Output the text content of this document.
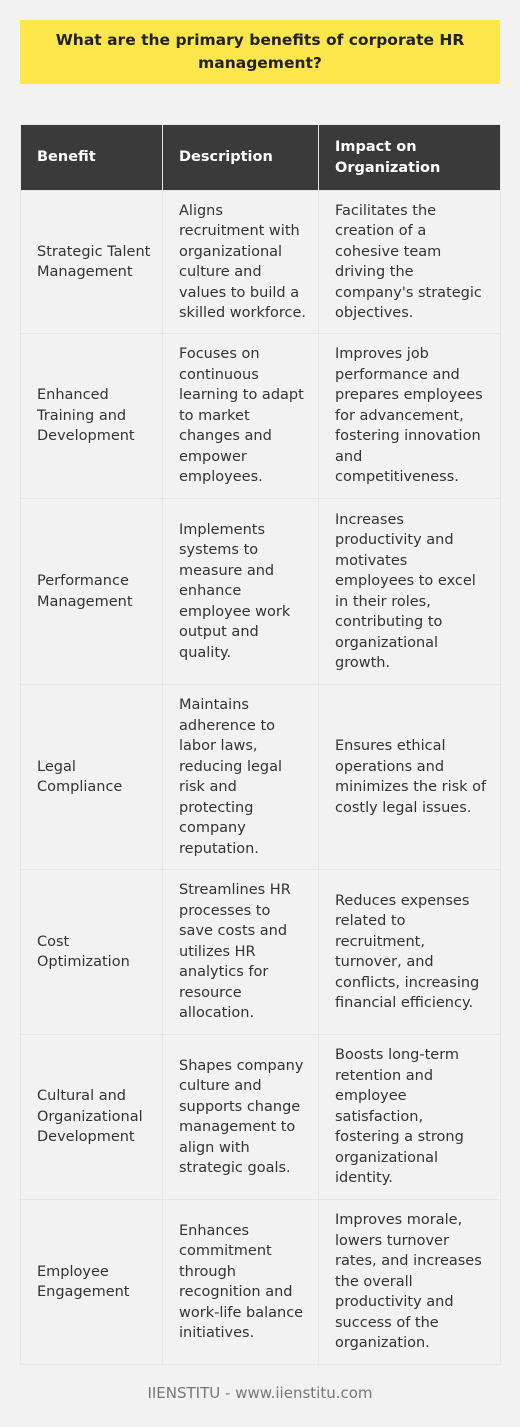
What are the primary benefits of corporate HR management?
Benefit	Description	Impact on Organization
Strategic Talent Management	Aligns recruitment with organizational culture and values to build a skilled workforce.	Facilitates the creation of a cohesive team driving the company's strategic objectives.
Enhanced Training and Development	Focuses on continuous learning to adapt to market changes and empower employees.	Improves job performance and prepares employees for advancement, fostering innovation and competitiveness.
Performance Management	Implements systems to measure and enhance employee work output and quality.	Increases productivity and motivates employees to excel in their roles, contributing to organizational growth.
Legal Compliance	Maintains adherence to labor laws, reducing legal risk and protecting company reputation.	Ensures ethical operations and minimizes the risk of costly legal issues.
Cost Optimization	Streamlines HR processes to save costs and utilizes HR analytics for resource allocation.	Reduces expenses related to recruitment, turnover, and conflicts, increasing financial efficiency.
Cultural and Organizational Development	Shapes company culture and supports change management to align with strategic goals.	Boosts long-term retention and employee satisfaction, fostering a strong organizational identity.
Employee Engagement	Enhances commitment through recognition and work-life balance initiatives.	Improves morale, lowers turnover rates, and increases the overall productivity and success of the organization.
IIENSTITU - www.iienstitu.com
